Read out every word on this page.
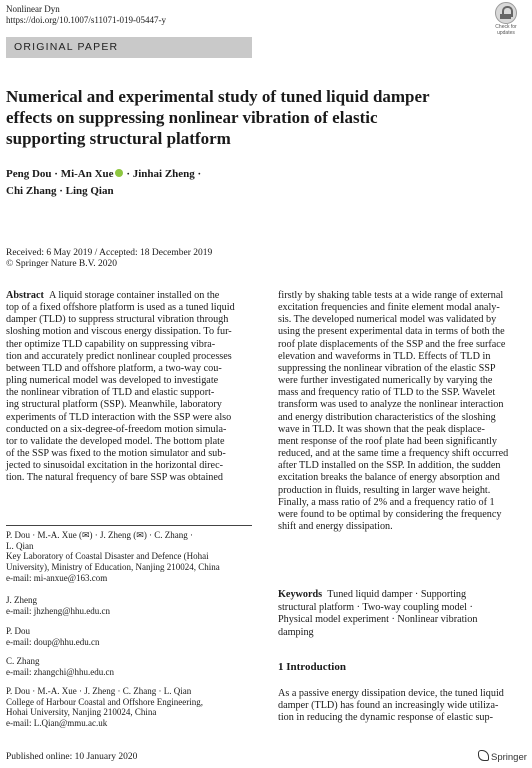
Nonlinear Dyn
https://doi.org/10.1007/s11071-019-05447-y
Check for
updates
ORIGINAL PAPER
Numerical and experimental study of tuned liquid damper
effects on suppressing nonlinear vibration of elastic
supporting structural platform
Peng Dou · Mi-An Xue · Jinhai Zheng ·
Chi Zhang · Ling Qian
Received: 6 May 2019 / Accepted: 18 December 2019
© Springer Nature B.V. 2020
Abstract A liquid storage container installed on the
top of a fixed offshore platform is used as a tuned liquid
damper (TLD) to suppress structural vibration through
sloshing motion and viscous energy dissipation. To fur-
ther optimize TLD capability on suppressing vibra-
tion and accurately predict nonlinear coupled processes
between TLD and offshore platform, a two-way cou-
pling numerical model was developed to investigate
the nonlinear vibration of TLD and elastic support-
ing structural platform (SSP). Meanwhile, laboratory
experiments of TLD interaction with the SSP were also
conducted on a six-degree-of-freedom motion simula-
tor to validate the developed model. The bottom plate
of the SSP was fixed to the motion simulator and sub-
jected to sinusoidal excitation in the horizontal direc-
tion. The natural frequency of bare SSP was obtained
P. Dou · M.-A. Xue (✉) · J. Zheng (✉) · C. Zhang ·
L. Qian
Key Laboratory of Coastal Disaster and Defence (Hohai
University), Ministry of Education, Nanjing 210024, China
e-mail: mi-anxue@163.com
J. Zheng
e-mail: jhzheng@hhu.edu.cn
P. Dou
e-mail: doup@hhu.edu.cn
C. Zhang
e-mail: zhangchi@hhu.edu.cn
P. Dou · M.-A. Xue · J. Zheng · C. Zhang · L. Qian
College of Harbour Coastal and Offshore Engineering,
Hohai University, Nanjing 210024, China
e-mail: L.Qian@mmu.ac.uk
firstly by shaking table tests at a wide range of external
excitation frequencies and finite element modal analy-
sis. The developed numerical model was validated by
using the present experimental data in terms of both the
roof plate displacements of the SSP and the free surface
elevation and waveforms in TLD. Effects of TLD in
suppressing the nonlinear vibration of the elastic SSP
were further investigated numerically by varying the
mass and frequency ratio of TLD to the SSP. Wavelet
transform was used to analyze the nonlinear interaction
and energy distribution characteristics of the sloshing
wave in TLD. It was shown that the peak displace-
ment response of the roof plate had been significantly
reduced, and at the same time a frequency shift occurred
after TLD installed on the SSP. In addition, the sudden
excitation breaks the balance of energy absorption and
production in fluids, resulting in larger wave height.
Finally, a mass ratio of 2% and a frequency ratio of 1
were found to be optimal by considering the frequency
shift and energy dissipation.
Keywords Tuned liquid damper · Supporting
structural platform · Two-way coupling model ·
Physical model experiment · Nonlinear vibration
damping
1 Introduction
As a passive energy dissipation device, the tuned liquid
damper (TLD) has found an increasingly wide utiliza-
tion in reducing the dynamic response of elastic sup-
Published online: 10 January 2020	Springer
